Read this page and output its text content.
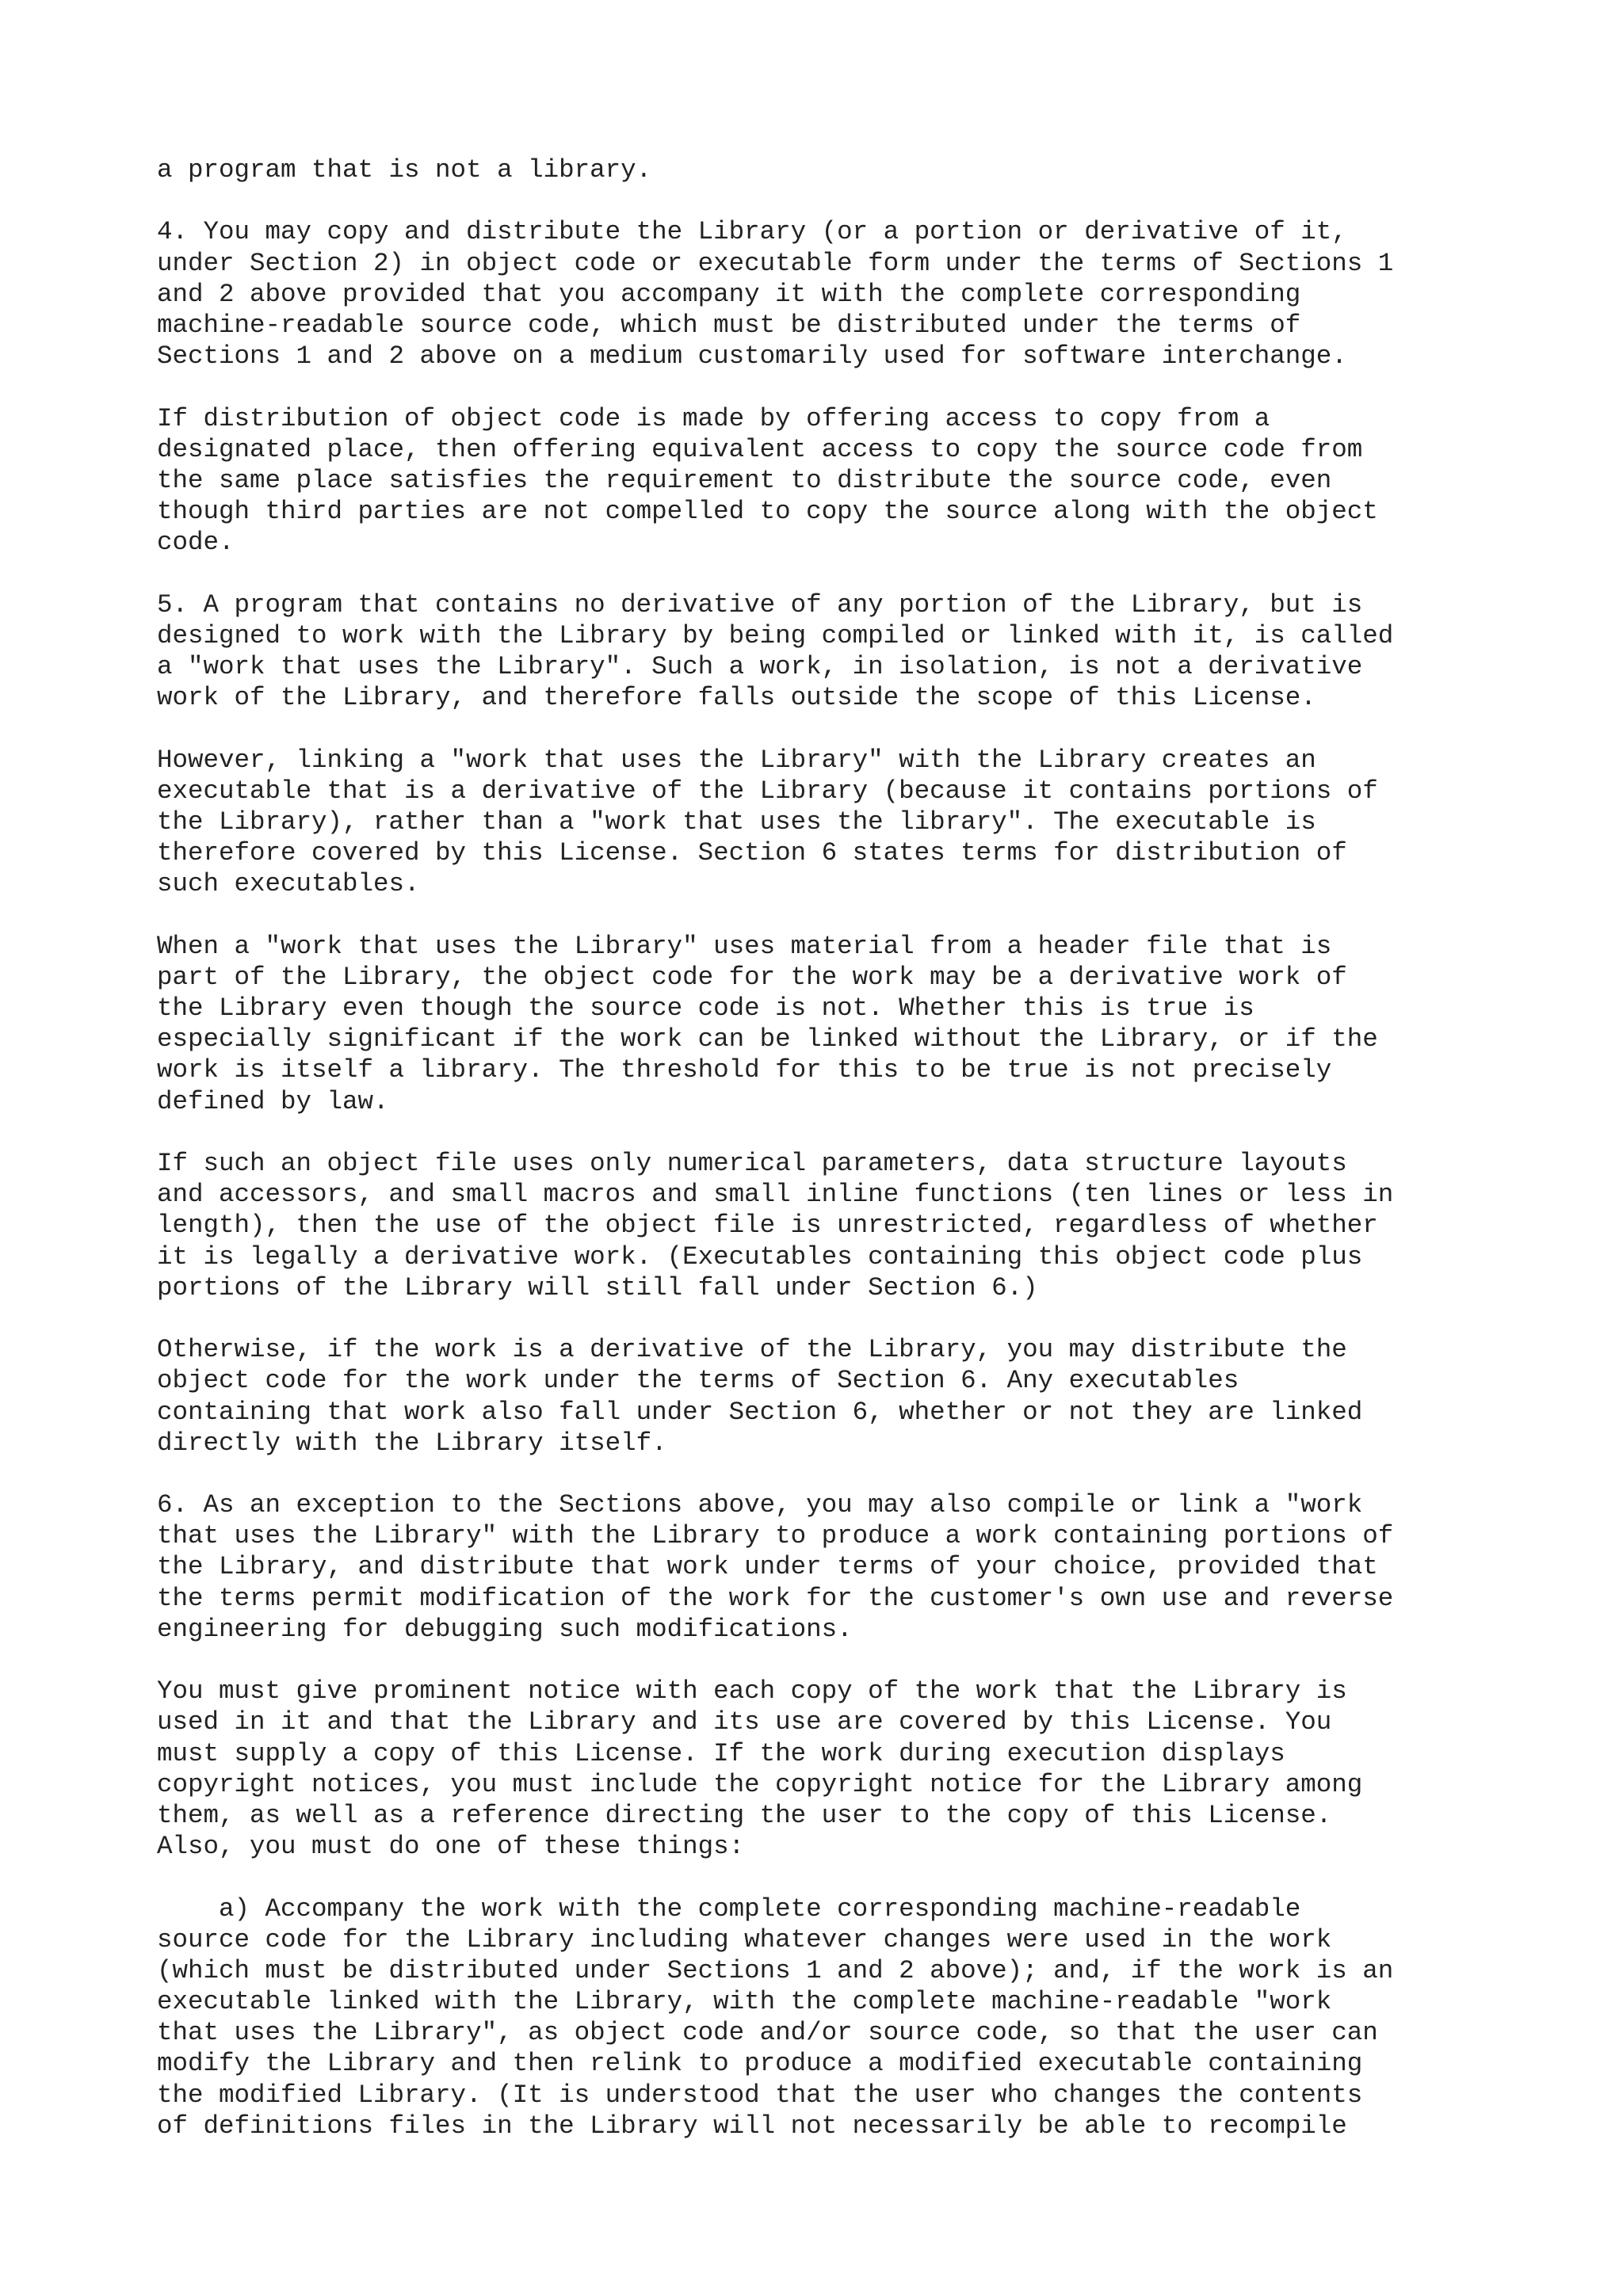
a program that is not a library.
4. You may copy and distribute the Library (or a portion or derivative of it,
under Section 2) in object code or executable form under the terms of Sections 1
and 2 above provided that you accompany it with the complete corresponding
machine-readable source code, which must be distributed under the terms of
Sections 1 and 2 above on a medium customarily used for software interchange.
If distribution of object code is made by offering access to copy from a
designated place, then offering equivalent access to copy the source code from
the same place satisfies the requirement to distribute the source code, even
though third parties are not compelled to copy the source along with the object
code.
5. A program that contains no derivative of any portion of the Library, but is
designed to work with the Library by being compiled or linked with it, is called
a "work that uses the Library". Such a work, in isolation, is not a derivative
work of the Library, and therefore falls outside the scope of this License.
However, linking a "work that uses the Library" with the Library creates an
executable that is a derivative of the Library (because it contains portions of
the Library), rather than a "work that uses the library". The executable is
therefore covered by this License. Section 6 states terms for distribution of
such executables.
When a "work that uses the Library" uses material from a header file that is
part of the Library, the object code for the work may be a derivative work of
the Library even though the source code is not. Whether this is true is
especially significant if the work can be linked without the Library, or if the
work is itself a library. The threshold for this to be true is not precisely
defined by law.
If such an object file uses only numerical parameters, data structure layouts
and accessors, and small macros and small inline functions (ten lines or less in
length), then the use of the object file is unrestricted, regardless of whether
it is legally a derivative work. (Executables containing this object code plus
portions of the Library will still fall under Section 6.)
Otherwise, if the work is a derivative of the Library, you may distribute the
object code for the work under the terms of Section 6. Any executables
containing that work also fall under Section 6, whether or not they are linked
directly with the Library itself.
6. As an exception to the Sections above, you may also compile or link a "work
that uses the Library" with the Library to produce a work containing portions of
the Library, and distribute that work under terms of your choice, provided that
the terms permit modification of the work for the customer's own use and reverse
engineering for debugging such modifications.
You must give prominent notice with each copy of the work that the Library is
used in it and that the Library and its use are covered by this License. You
must supply a copy of this License. If the work during execution displays
copyright notices, you must include the copyright notice for the Library among
them, as well as a reference directing the user to the copy of this License.
Also, you must do one of these things:
a) Accompany the work with the complete corresponding machine-readable
source code for the Library including whatever changes were used in the work
(which must be distributed under Sections 1 and 2 above); and, if the work is an
executable linked with the Library, with the complete machine-readable "work
that uses the Library", as object code and/or source code, so that the user can
modify the Library and then relink to produce a modified executable containing
the modified Library. (It is understood that the user who changes the contents
of definitions files in the Library will not necessarily be able to recompile
